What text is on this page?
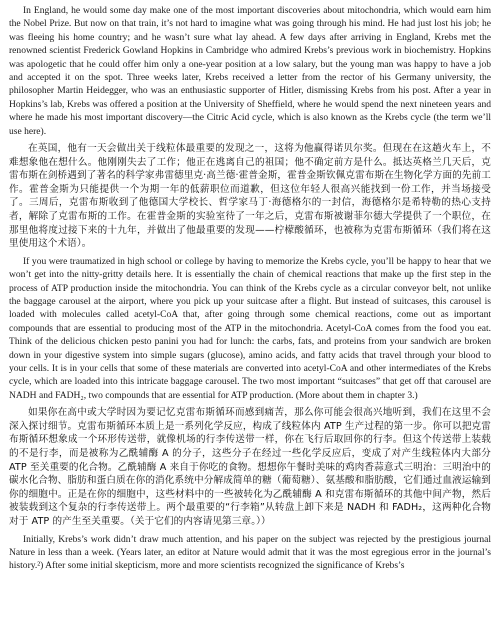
In England, he would some day make one of the most important discoveries about mitochondria, which would earn him the Nobel Prize. But now on that train, it’s not hard to imagine what was going through his mind. He had just lost his job; he was fleeing his home country; and he wasn’t sure what lay ahead. A few days after arriving in England, Krebs met the renowned scientist Frederick Gowland Hopkins in Cambridge who admired Krebs’s previous work in biochemistry. Hopkins was apologetic that he could offer him only a one-year position at a low salary, but the young man was happy to have a job and accepted it on the spot. Three weeks later, Krebs received a letter from the rector of his Germany university, the philosopher Martin Heidegger, who was an enthusiastic supporter of Hitler, dismissing Krebs from his post. After a year in Hopkins’s lab, Krebs was offered a position at the University of Sheffield, where he would spend the next nineteen years and where he made his most important discovery—the Citric Acid cycle, which is also known as the Krebs cycle (the term we’ll use here).

在英国，他有一天会做出关于线粒体最重要的发现之一，这将为他赢得诺贝尔奖。但现在在这趟火车上，不难想象他在想什么。他刚刚失去了工作；他正在逃离自己的祖国；他不确定前方是什么。抵达英格兰几天后，克雷布斯在剑桥遇到了著名的科学家弗雷德里克·高兰德·霍普金斯，霍普金斯钦佩克雷布斯在生物化学方面的先前工作。霍普金斯为只能提供一个为期一年的低薪职位而道歉，但这位年轻人很高兴能找到一份工作，并当场接受了。三周后，克雷布斯收到了他德国大学校长、哲学家马丁·海德格尔的一封信，海德格尔是希特勒的热心支持者，解除了克雷布斯的工作。在霍普金斯的实验室待了一年之后，克雷布斯被谢菲尔德大学提供了一个职位，在那里他将度过接下来的十九年，并做出了他最重要的发现——柠檬酸循环，也被称为克雷布斯循环（我们将在这里使用这个术语）。

If you were traumatized in high school or college by having to memorize the Krebs cycle, you’ll be happy to hear that we won’t get into the nitty-gritty details here. It is essentially the chain of chemical reactions that make up the first step in the process of ATP production inside the mitochondria. You can think of the Krebs cycle as a circular conveyor belt, not unlike the baggage carousel at the airport, where you pick up your suitcase after a flight. But instead of suitcases, this carousel is loaded with molecules called acetyl-CoA that, after going through some chemical reactions, come out as important compounds that are essential to producing most of the ATP in the mitochondria. Acetyl-CoA comes from the food you eat. Think of the delicious chicken pesto panini you had for lunch: the carbs, fats, and proteins from your sandwich are broken down in your digestive system into simple sugars (glucose), amino acids, and fatty acids that travel through your blood to your cells. It is in your cells that some of these materials are converted into acetyl-CoA and other intermediates of the Krebs cycle, which are loaded into this intricate baggage carousel. The two most important “suitcases” that get off that carousel are NADH and FADH₂, two compounds that are essential for ATP production. (More about them in chapter 3.)

如果你在高中或大学时因为要记忆克雷布斯循环而感到痛苦，那么你可能会很高兴地听到，我们在这里不会深入探讨细节。克雷布斯循环本质上是一系列化学反应，构成了线粒体内 ATP 生产过程的第一步。你可以把克雷布斯循环想象成一个环形传送带，就像机场的行李传送带一样，你在飞行后取回你的行李。但这个传送带上装载的不是行李，而是被称为乙酰辅酶 A 的分子，这些分子在经过一些化学反应后，变成了对产生线粒体内大部分 ATP 至关重要的化合物。乙酰辅酶 A 来自于你吃的食物。想想你午餐时美味的鸡肉香蒜意式三明治：三明治中的碳水化合物、脂肪和蛋白质在你的消化系统中分解成简单的糖（葡萄糖）、氨基酸和脂肪酸，它们通过血液运输到你的细胞中。正是在你的细胞中，这些材料中的一些被转化为乙酰辅酶 A 和克雷布斯循环的其他中间产物，然后被装载到这个复杂的行李传送带上。两个最重要的“行李箱”从转盘上卸下来是 NADH 和 FADH₂，这两种化合物对于 ATP 的产生至关重要。（关于它们的内容请见第三章。））

Initially, Krebs’s work didn’t draw much attention, and his paper on the subject was rejected by the prestigious journal Nature in less than a week. (Years later, an editor at Nature would admit that it was the most egregious error in the journal’s history.²) After some initial skepticism, more and more scientists recognized the significance of Krebs’s
